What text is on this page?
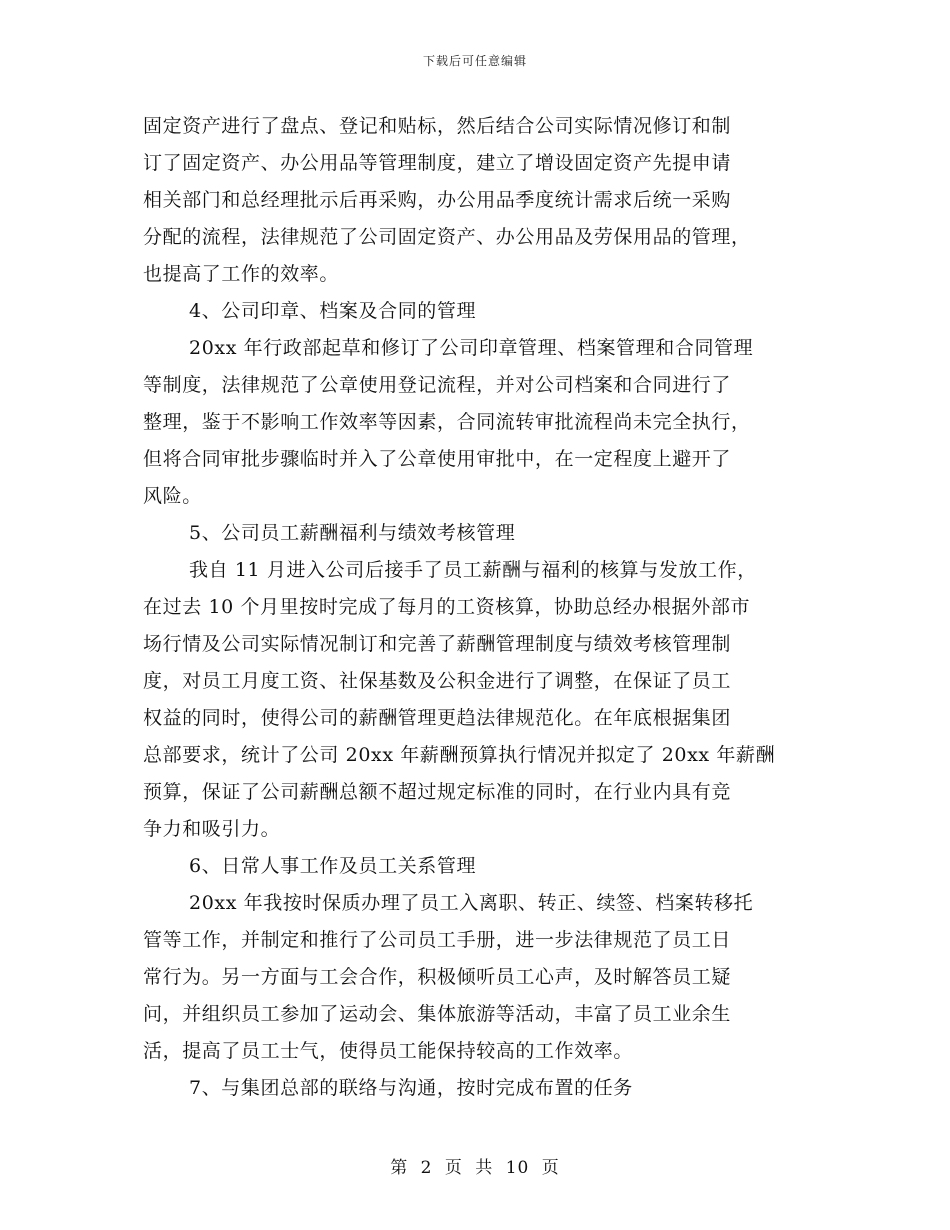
下载后可任意编辑
固定资产进行了盘点、登记和贴标，然后结合公司实际情况修订和制
订了固定资产、办公用品等管理制度，建立了增设固定资产先提申请
相关部门和总经理批示后再采购，办公用品季度统计需求后统一采购
分配的流程，法律规范了公司固定资产、办公用品及劳保用品的管理，
也提高了工作的效率。
4、公司印章、档案及合同的管理
20xx 年行政部起草和修订了公司印章管理、档案管理和合同管理
等制度，法律规范了公章使用登记流程，并对公司档案和合同进行了
整理，鉴于不影响工作效率等因素，合同流转审批流程尚未完全执行，
但将合同审批步骤临时并入了公章使用审批中，在一定程度上避开了
风险。
5、公司员工薪酬福利与绩效考核管理
我自 11 月进入公司后接手了员工薪酬与福利的核算与发放工作，
在过去 10 个月里按时完成了每月的工资核算，协助总经办根据外部市
场行情及公司实际情况制订和完善了薪酬管理制度与绩效考核管理制
度，对员工月度工资、社保基数及公积金进行了调整，在保证了员工
权益的同时，使得公司的薪酬管理更趋法律规范化。在年底根据集团
总部要求，统计了公司 20xx 年薪酬预算执行情况并拟定了 20xx 年薪酬
预算，保证了公司薪酬总额不超过规定标准的同时，在行业内具有竞
争力和吸引力。
6、日常人事工作及员工关系管理
20xx 年我按时保质办理了员工入离职、转正、续签、档案转移托
管等工作，并制定和推行了公司员工手册，进一步法律规范了员工日
常行为。另一方面与工会合作，积极倾听员工心声，及时解答员工疑
问，并组织员工参加了运动会、集体旅游等活动，丰富了员工业余生
活，提高了员工士气，使得员工能保持较高的工作效率。
7、与集团总部的联络与沟通，按时完成布置的任务
第 2 页 共 10 页
